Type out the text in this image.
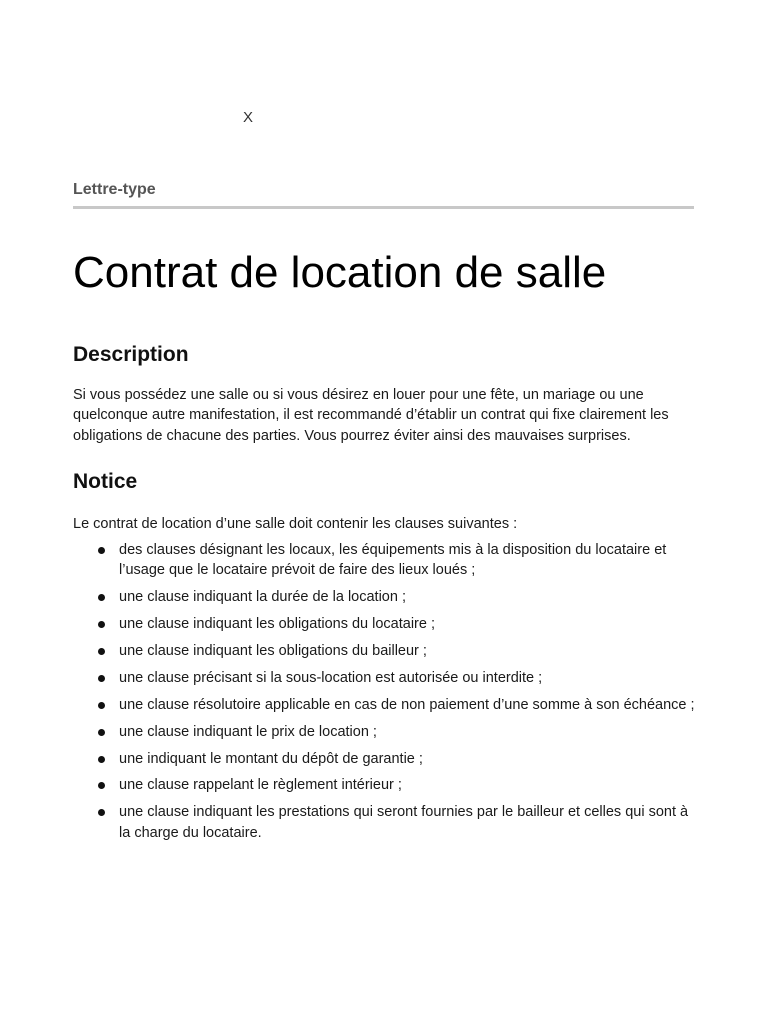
X
Lettre-type
Contrat de location de salle
Description

Si vous possédez une salle ou si vous désirez en louer pour une fête, un mariage ou une quelconque autre manifestation, il est recommandé d’établir un contrat qui fixe clairement les obligations de chacune des parties. Vous pourrez éviter ainsi des mauvaises surprises.

Notice

Le contrat de location d’une salle doit contenir les clauses suivantes :

des clauses désignant les locaux, les équipements mis à la disposition du locataire et l’usage que le locataire prévoit de faire des lieux loués ;
une clause indiquant la durée de la location ;
une clause indiquant les obligations du locataire ;
une clause indiquant les obligations du bailleur ;
une clause précisant si la sous-location est autorisée ou interdite ;
une clause résolutoire applicable en cas de non paiement d’une somme à son échéance ;
une clause indiquant le prix de location ;
une indiquant le montant du dépôt de garantie ;
une clause rappelant le règlement intérieur ;
une clause indiquant les prestations qui seront fournies par le bailleur et celles qui sont à la charge du locataire.
